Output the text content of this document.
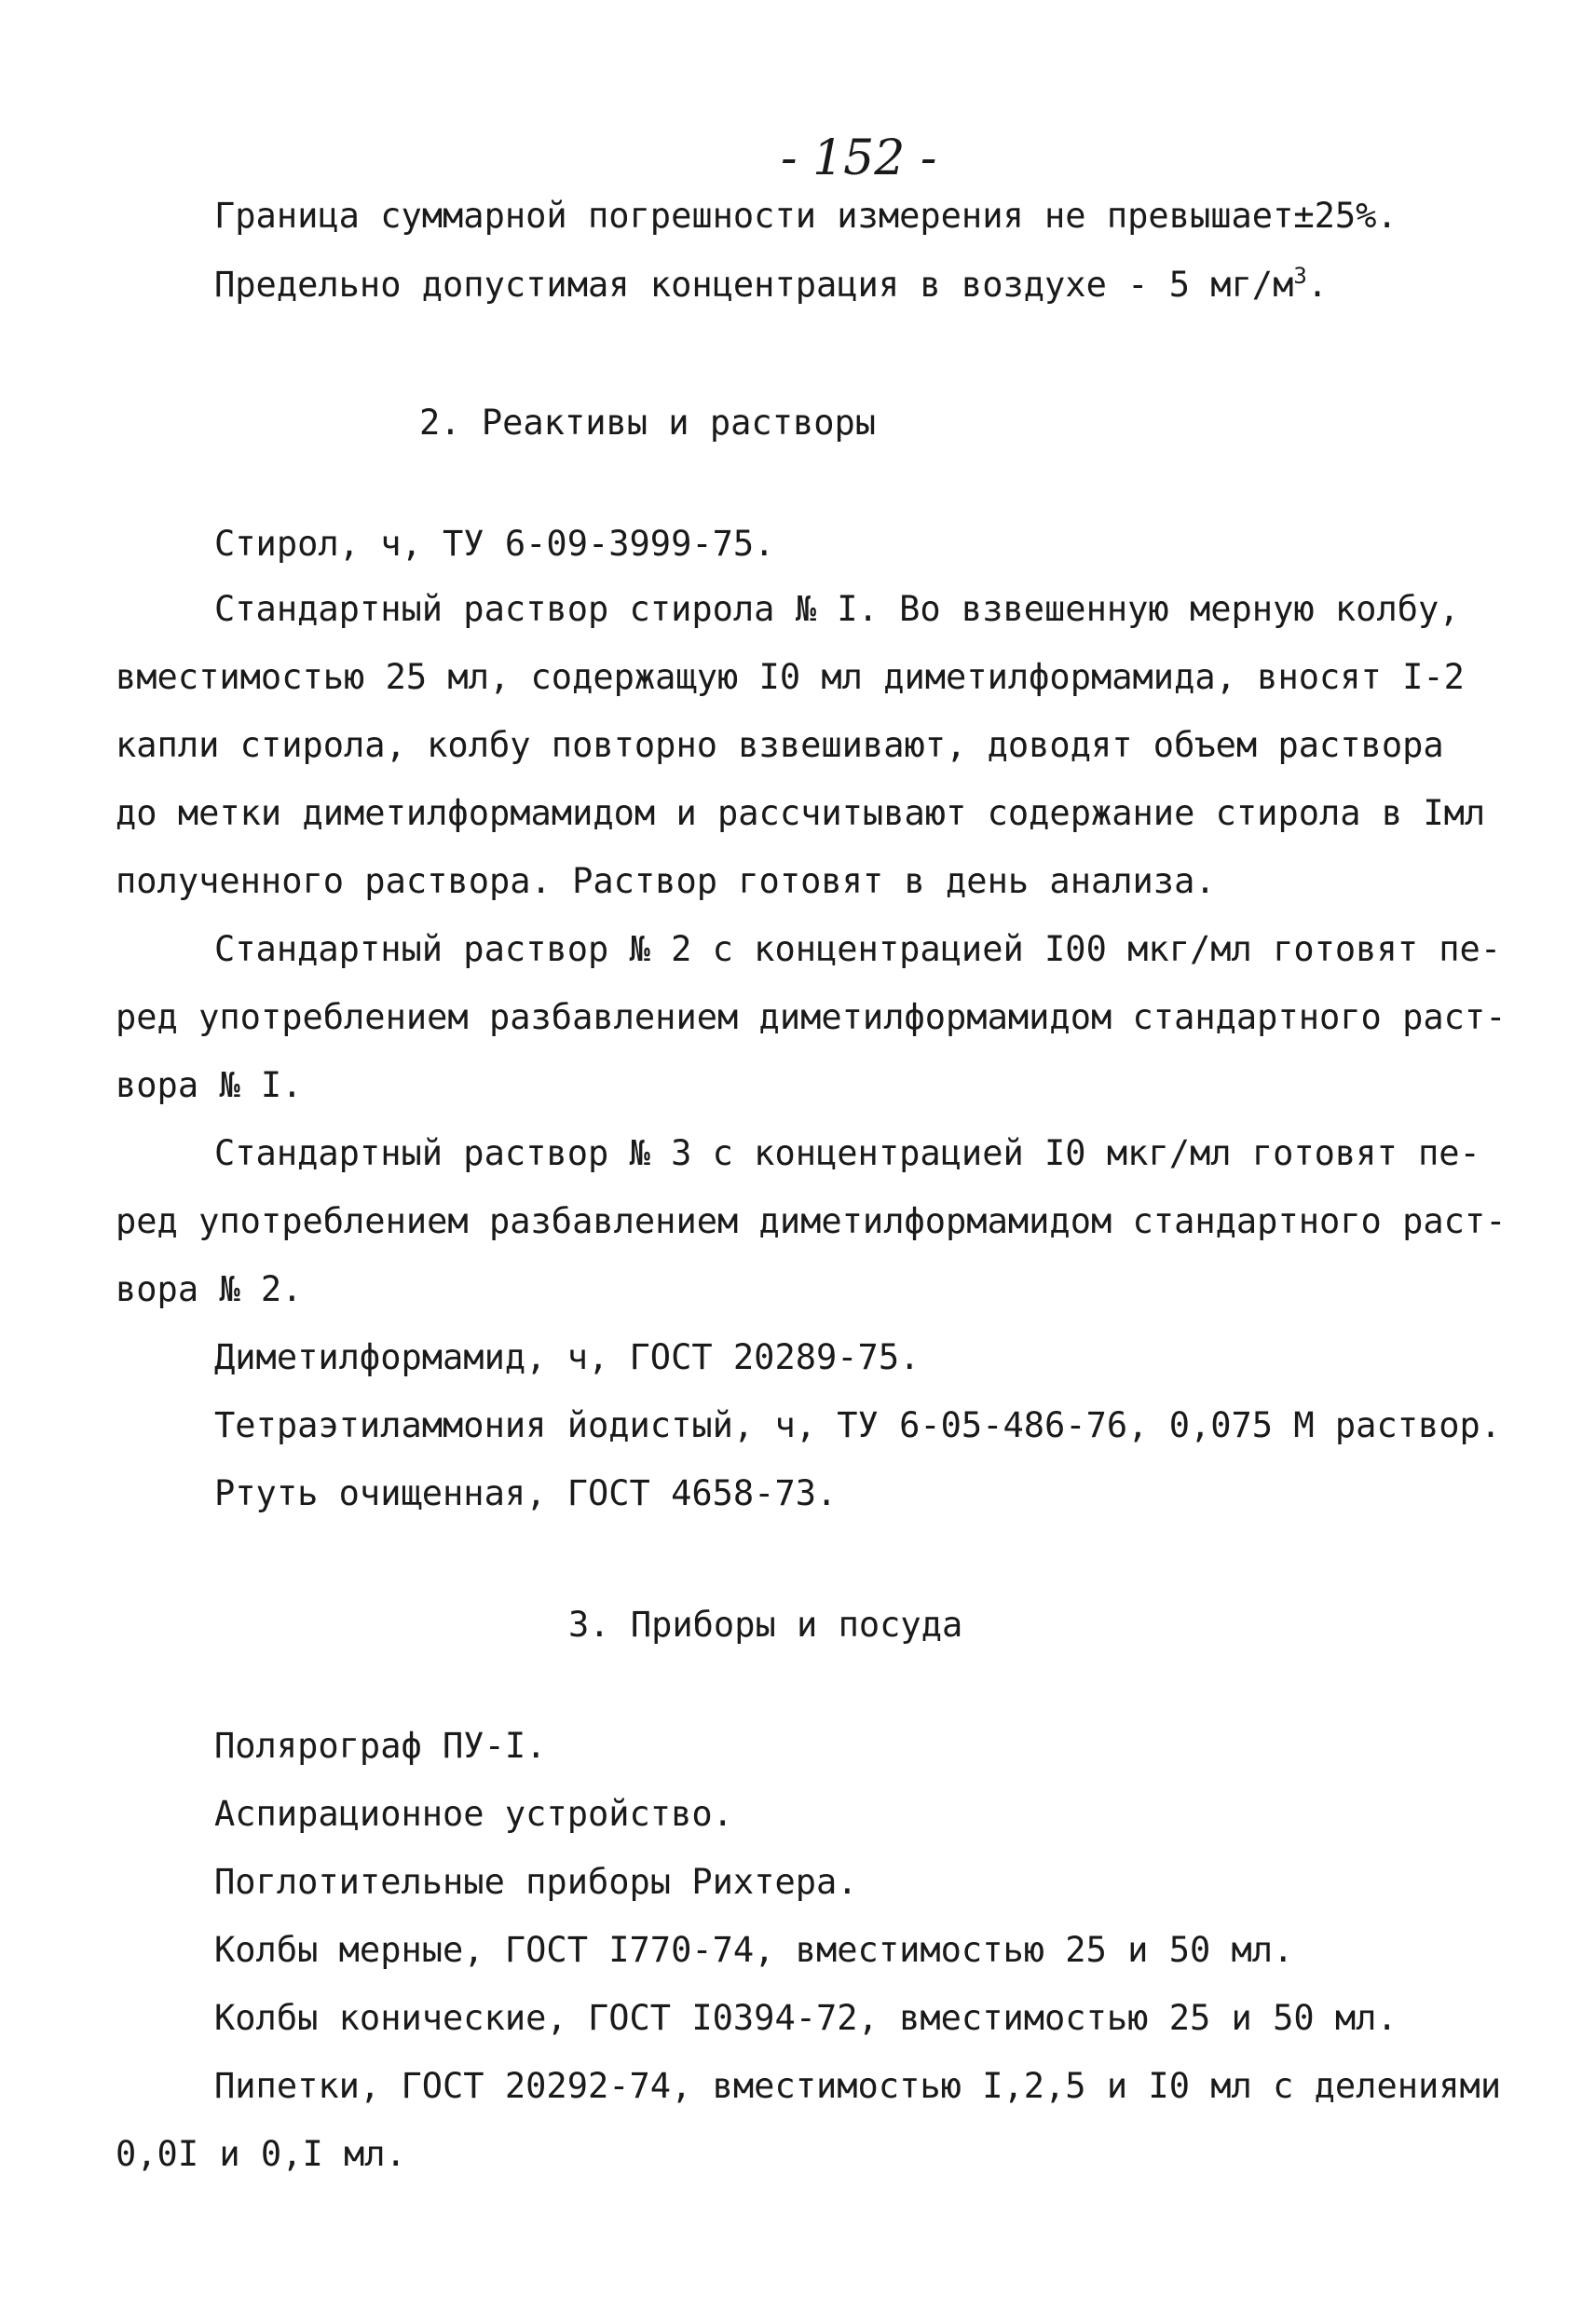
- 152 -
Граница суммарной погрешности измерения не превышает±25%.
Предельно допустимая концентрация в воздухе - 5 $мг/м^3$.
2. Реактивы и растворы
Стирол, ч, ТУ 6-09-3999-75.
Стандартный раствор стирола № I. Во взвешенную мерную колбу,
вместимостью 25 мл, содержащую I0 мл диметилформамида, вносят I-2
капли стирола, колбу повторно взвешивают, доводят объем раствора
до метки диметилформамидом и рассчитывают содержание стирола в Iмл
полученного раствора. Раствор готовят в день анализа.
Стандартный раствор № 2 с концентрацией I00 мкг/мл готовят пе-
ред употреблением разбавлением диметилформамидом стандартного раст-
вора № I.
Стандартный раствор № 3 с концентрацией I0 мкг/мл готовят пе-
ред употреблением разбавлением диметилформамидом стандартного раст-
вора № 2.
Диметилформамид, ч, ГОСТ 20289-75.
Тетраэтиламмония йодистый, ч, ТУ 6-05-486-76, 0,075 М раствор.
Ртуть очищенная, ГОСТ 4658-73.
3. Приборы и посуда
Полярограф ПУ-I.
Аспирационное устройство.
Поглотительные приборы Рихтера.
Колбы мерные, ГОСТ I770-74, вместимостью 25 и 50 мл.
Колбы конические, ГОСТ I0394-72, вместимостью 25 и 50 мл.
Пипетки, ГОСТ 20292-74, вместимостью I,2,5 и I0 мл с делениями
0,0I и 0,I мл.
